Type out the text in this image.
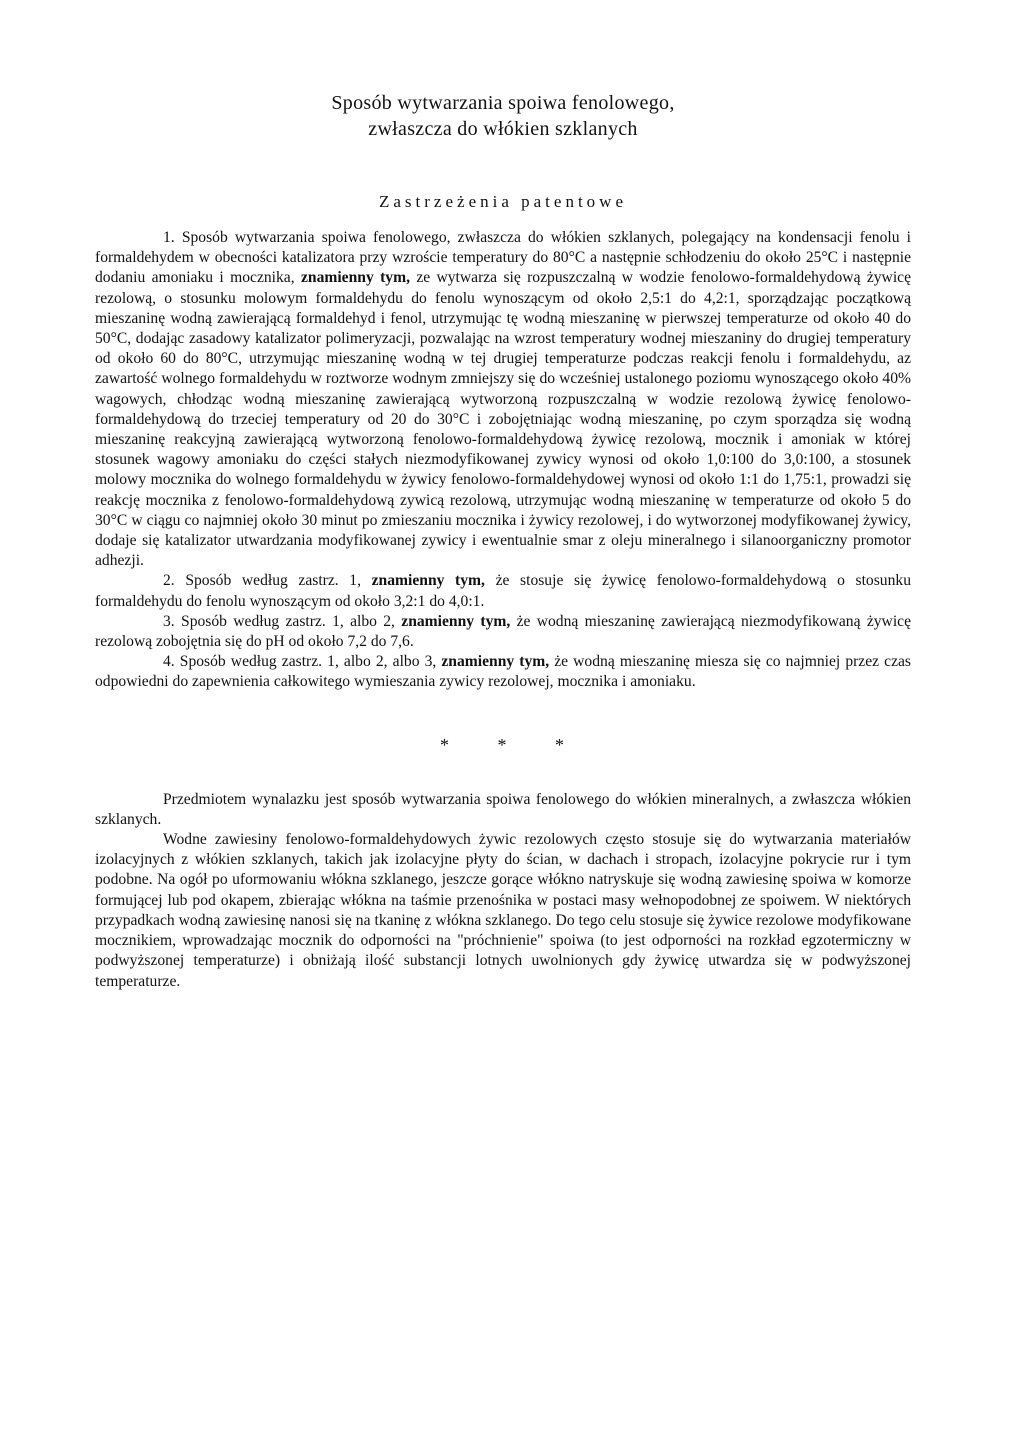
Sposób wytwarzania spoiwa fenolowego,
zwłaszcza do włókien szklanych
Zastrzeżenia patentowe

1. Sposób wytwarzania spoiwa fenolowego, zwłaszcza do włókien szklanych, polegający na kondensacji fenolu i formaldehydem w obecności katalizatora przy wzroście temperatury do 80°C a następnie schłodzeniu do około 25°C i następnie dodaniu amoniaku i mocznika, znamienny tym, ze wytwarza się rozpuszczalną w wodzie fenolowo-formaldehydową żywicę rezolową, o stosunku molowym formaldehydu do fenolu wynoszącym od około 2,5:1 do 4,2:1, sporządzając początkową mieszaninę wodną zawierającą formaldehyd i fenol, utrzymując tę wodną mieszaninę w pierwszej temperaturze od około 40 do 50°C, dodając zasadowy katalizator polimeryzacji, pozwalając na wzrost temperatury wodnej mieszaniny do drugiej temperatury od około 60 do 80°C, utrzymując mieszaninę wodną w tej drugiej temperaturze podczas reakcji fenolu i formaldehydu, az zawartość wolnego formaldehydu w roztworze wodnym zmniejszy się do wcześniej ustalonego poziomu wynoszącego około 40% wagowych, chłodząc wodną mieszaninę zawierającą wytworzoną rozpuszczalną w wodzie rezolową żywicę fenolowo-formaldehydową do trzeciej temperatury od 20 do 30°C i zobojętniając wodną mieszaninę, po czym sporządza się wodną mieszaninę reakcyjną zawierającą wytworzoną fenolowo-formaldehydową żywicę rezolową, mocznik i amoniak w której stosunek wagowy amoniaku do części stałych niezmodyfikowanej zywicy wynosi od około 1,0:100 do 3,0:100, a stosunek molowy mocznika do wolnego formaldehydu w żywicy fenolowo-formaldehydowej wynosi od około 1:1 do 1,75:1, prowadzi się reakcję mocznika z fenolowo-formaldehydową zywicą rezolową, utrzymując wodną mieszaninę w temperaturze od około 5 do 30°C w ciągu co najmniej około 30 minut po zmieszaniu mocznika i żywicy rezolowej, i do wytworzonej modyfikowanej żywicy, dodaje się katalizator utwardzania modyfikowanej zywicy i ewentualnie smar z oleju mineralnego i silanoorganiczny promotor adhezji.

2. Sposób według zastrz. 1, znamienny tym, że stosuje się żywicę fenolowo-formaldehydową o stosunku formaldehydu do fenolu wynoszącym od około 3,2:1 do 4,0:1.

3. Sposób według zastrz. 1, albo 2, znamienny tym, że wodną mieszaninę zawierającą niezmodyfikowaną żywicę rezolową zobojętnia się do pH od około 7,2 do 7,6.

4. Sposób według zastrz. 1, albo 2, albo 3, znamienny tym, że wodną mieszaninę miesza się co najmniej przez czas odpowiedni do zapewnienia całkowitego wymieszania zywicy rezolowej, mocznika i amoniaku.

* * *

Przedmiotem wynalazku jest sposób wytwarzania spoiwa fenolowego do włókien mineralnych, a zwłaszcza włókien szklanych.

Wodne zawiesiny fenolowo-formaldehydowych żywic rezolowych często stosuje się do wytwarzania materiałów izolacyjnych z włókien szklanych, takich jak izolacyjne płyty do ścian, w dachach i stropach, izolacyjne pokrycie rur i tym podobne. Na ogół po uformowaniu włókna szklanego, jeszcze gorące włókno natryskuje się wodną zawiesinę spoiwa w komorze formującej lub pod okapem, zbierając włókna na taśmie przenośnika w postaci masy wełnopodobnej ze spoiwem. W niektórych przypadkach wodną zawiesinę nanosi się na tkaninę z włókna szklanego. Do tego celu stosuje się żywice rezolowe modyfikowane mocznikiem, wprowadzając mocznik do odporności na "próchnienie" spoiwa (to jest odporności na rozkład egzotermiczny w podwyższonej temperaturze) i obniżają ilość substancji lotnych uwolnionych gdy żywicę utwardza się w podwyższonej temperaturze.
